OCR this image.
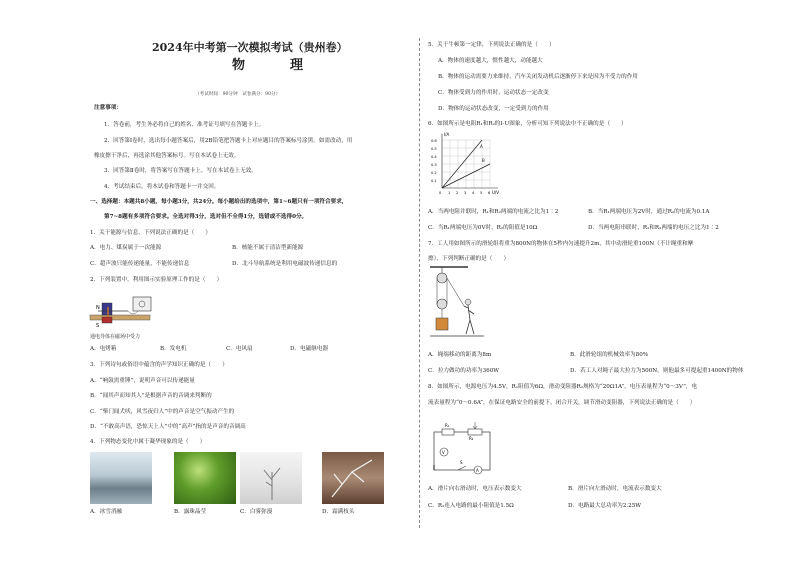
2024年中考第一次模拟考试（贵州卷）
物　理
（考试时间：90分钟　试卷满分：90分）
注意事项：
1．答卷前，考生务必将自己的姓名、准考证号填写在答题卡上。
2．回答第Ⅰ卷时，选出每小题答案后，用2B铅笔把答题卡上对应题目的答案标号涂黑。如需改动，用
橡皮擦干净后，再选涂其他答案标号。写在本试卷上无效。
3．回答第Ⅱ卷时，将答案写在答题卡上。写在本试卷上无效。
4．考试结束后，将本试卷和答题卡一并交回。
一、选择题：本题共8小题，每小题3分，共24分。每小题给出的选项中，第1~6题只有一项符合要求，
第7~8题有多项符合要求。全选对得3分，选对但不全得1分，选错或不选得0分。
1．关于能源与信息，下列说法正确的是（　　）
A．电力、煤炭属于一次能源	B．核能不属于清洁型新能源
C．超声波只能传递能量，不能传递信息	D．北斗导航系统是利用电磁波传递信息的
2．下列装置中，利用图示实验原理工作的是（　　）
N
S
通电导体在磁场中受力
A．电烤箱	B．发电机	C．电风扇	D．电磁继电器
3．下列诗句或俗语中蕴含的声学知识正确的是（　　）
A．“响鼓需重锤”，说明声音可以传递能量
B．“闻其声而知其人”是根据声音的音调来判断的
C．“柴门闻犬吠，风雪夜归人”中的声音是空气振动产生的
D．“不敢高声语，恐惊天上人”中的“高声”指的是声音的音调高
4．下列物态变化中属于凝华现象的是（　　）
A．冰雪消融	B．露珠晶莹	C．白雾弥漫	D．霜满枝头
5．关于牛顿第一定律，下列说法正确的是（　　）
A．物体的速度越大，惯性越大，动能越大
B．物体的运动需要力来维持，汽车关闭发动机后逐渐停下来是因为不受力的作用
C．物体受到力的作用时，运动状态一定改变
D．物体的运动状态改变，一定受到力的作用
6．如图所示是电阻R₁和R₂的I-U图象，分析可知下列说法中不正确的是（　　）
I/A
U/V
A
B
0.6
0.5
0.4
0.3
0.2
0.1
0 1 2 3 4 5 6
A．当两电阻并联时，R₁和R₂两端的电流之比为1∶2	B．当R₁两端电压为2V时，通过R₂的电流为0.1A
C．当R₁两端电压为0V时，R₂的阻值是10Ω	D．当两电阻串联时，R₁和R₂两端的电压之比为1∶2
7．工人用如图所示的滑轮组将重为800N的物体在5秒内匀速提升2m，其中动滑轮重100N（不计绳重和摩
擦），下列判断正确的是（　　）
A．绳端移动的距离为8m	B．此滑轮组的机械效率为80%
C．拉力做功的功率为360W	D．若工人对绳子最大拉力为500N，则他最多可提起重1400N的物体
8．如图所示，电源电压为4.5V，R₁阻值为6Ω，滑动变阻器R₂规格为“20Ω1A”，电压表量程为“0～3V”，电
流表量程为“0～0.6A”，在保证电路安全的前提下，闭合开关，调节滑动变阻器，下列说法正确的是（　　）
R₁
R₂
V
A
S
A．滑片向右滑动时，电压表示数变大	B．滑片向左滑动时，电流表示数变大
C．R₂连入电路的最小阻值是1.5Ω	D．电路最大总功率为2.25W
